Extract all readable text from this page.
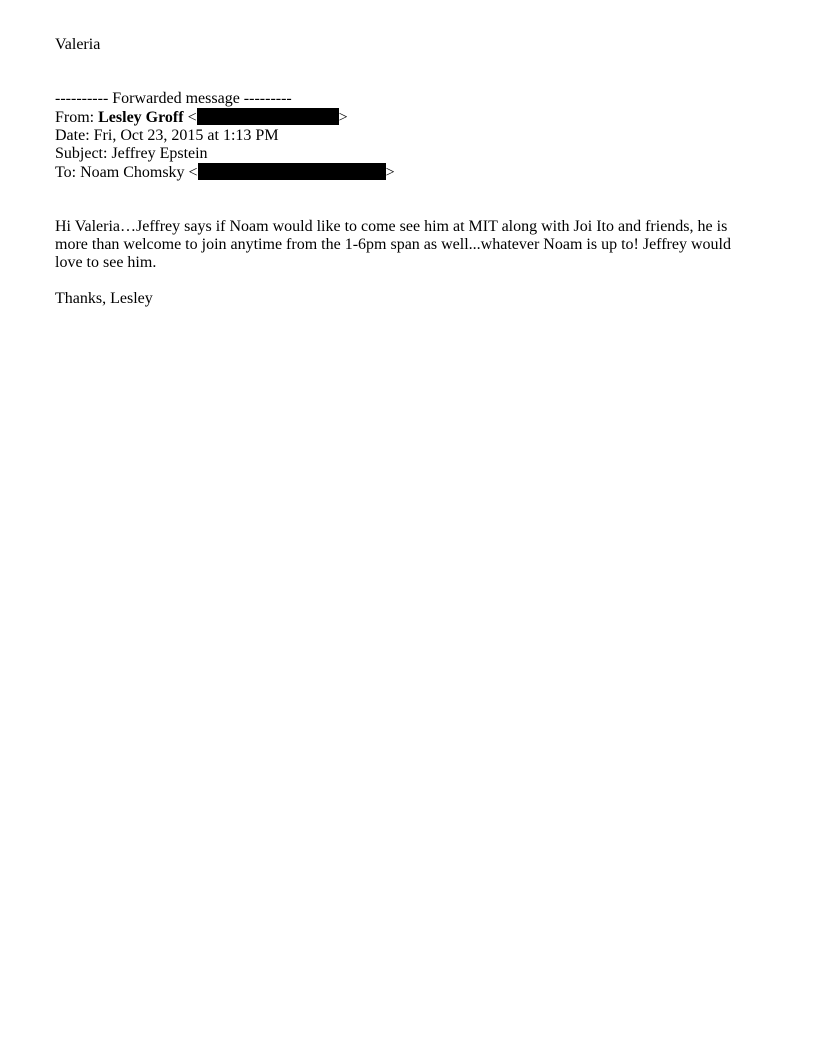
Valeria
---------- Forwarded message ---------
From: Lesley Groff <	>
Date: Fri, Oct 23, 2015 at 1:13 PM
Subject: Jeffrey Epstein
To: Noam Chomsky <	>
Hi Valeria…Jeffrey says if Noam would like to come see him at MIT along with Joi Ito and friends, he is more than welcome to join anytime from the 1-6pm span as well...whatever Noam is up to! Jeffrey would love to see him.
Thanks, Lesley
